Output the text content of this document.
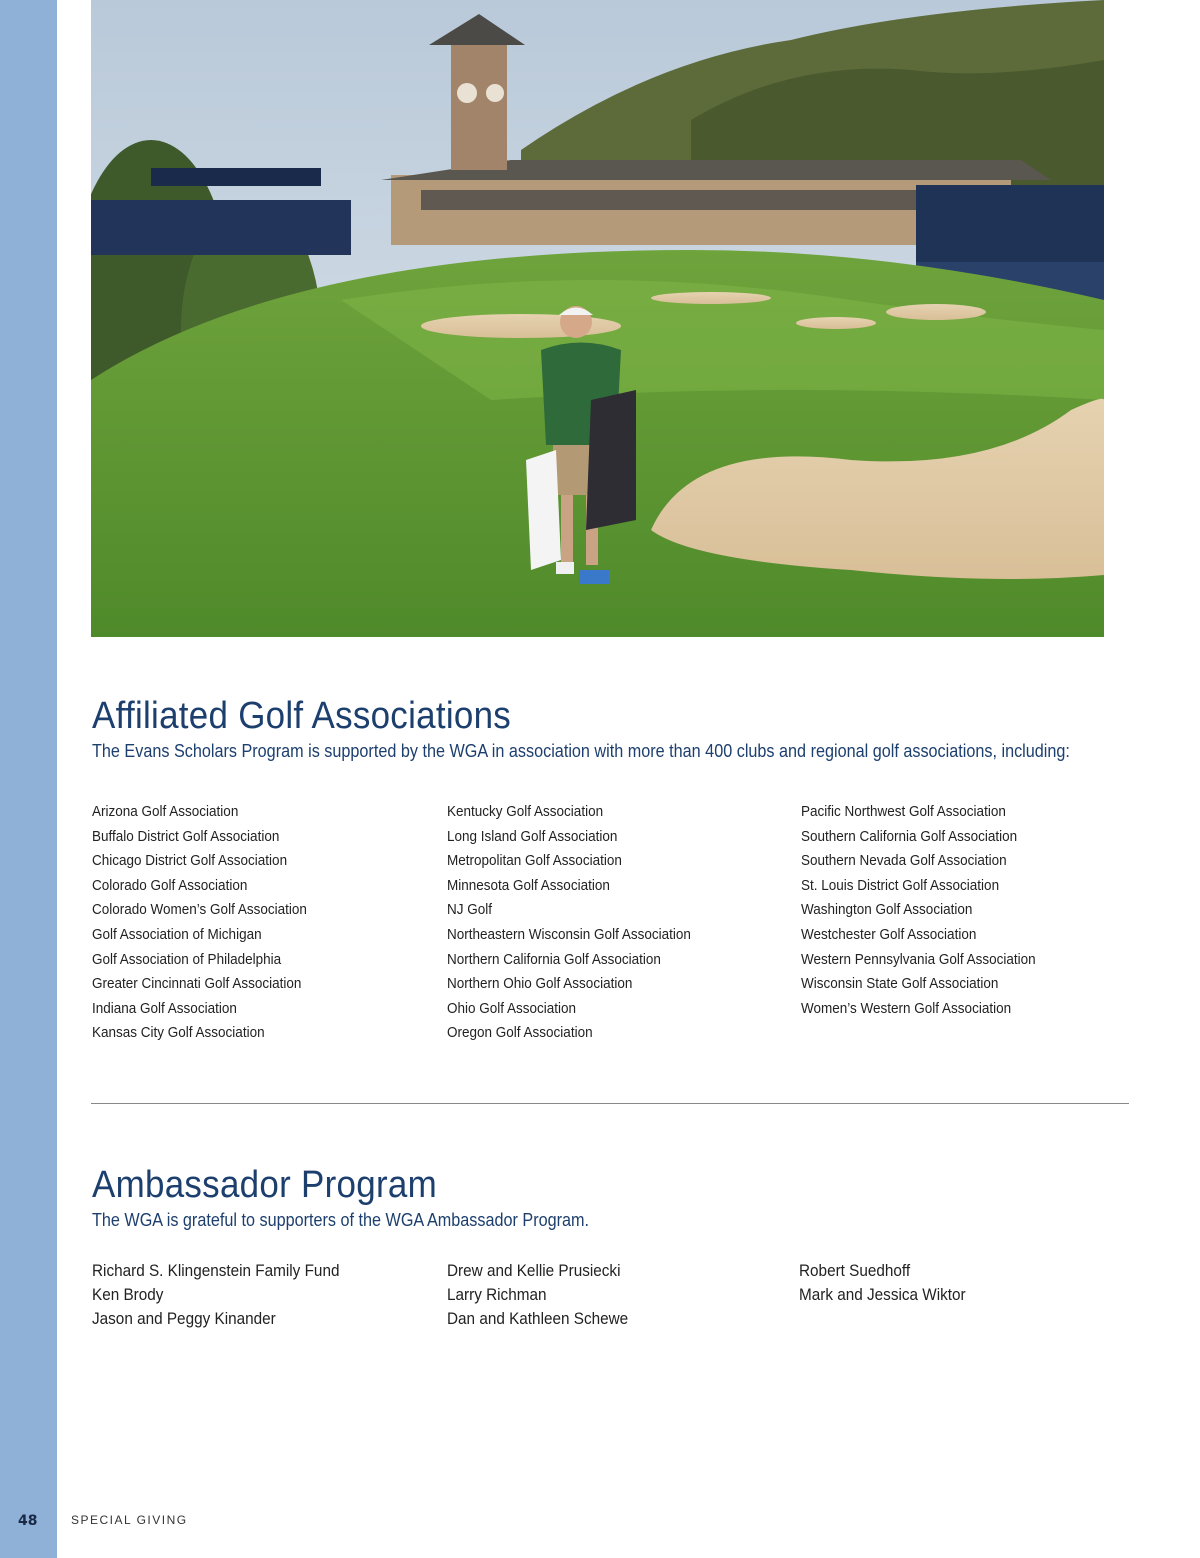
Affiliated Golf Associations
The Evans Scholars Program is supported by the WGA in association with more than 400 clubs and regional golf associations, including:
Arizona Golf Association
Buffalo District Golf Association
Chicago District Golf Association
Colorado Golf Association
Colorado Women’s Golf Association
Golf Association of Michigan
Golf Association of Philadelphia
Greater Cincinnati Golf Association
Indiana Golf Association
Kansas City Golf Association
Kentucky Golf Association
Long Island Golf Association
Metropolitan Golf Association
Minnesota Golf Association
NJ Golf
Northeastern Wisconsin Golf Association
Northern California Golf Association
Northern Ohio Golf Association
Ohio Golf Association
Oregon Golf Association
Pacific Northwest Golf Association
Southern California Golf Association
Southern Nevada Golf Association
St. Louis District Golf Association
Washington Golf Association
Westchester Golf Association
Western Pennsylvania Golf Association
Wisconsin State Golf Association
Women’s Western Golf Association
Ambassador Program
The WGA is grateful to supporters of the WGA Ambassador Program.
Richard S. Klingenstein Family Fund
Ken Brody
Jason and Peggy Kinander
Drew and Kellie Prusiecki
Larry Richman
Dan and Kathleen Schewe
Robert Suedhoff
Mark and Jessica Wiktor
48	SPECIAL GIVING
